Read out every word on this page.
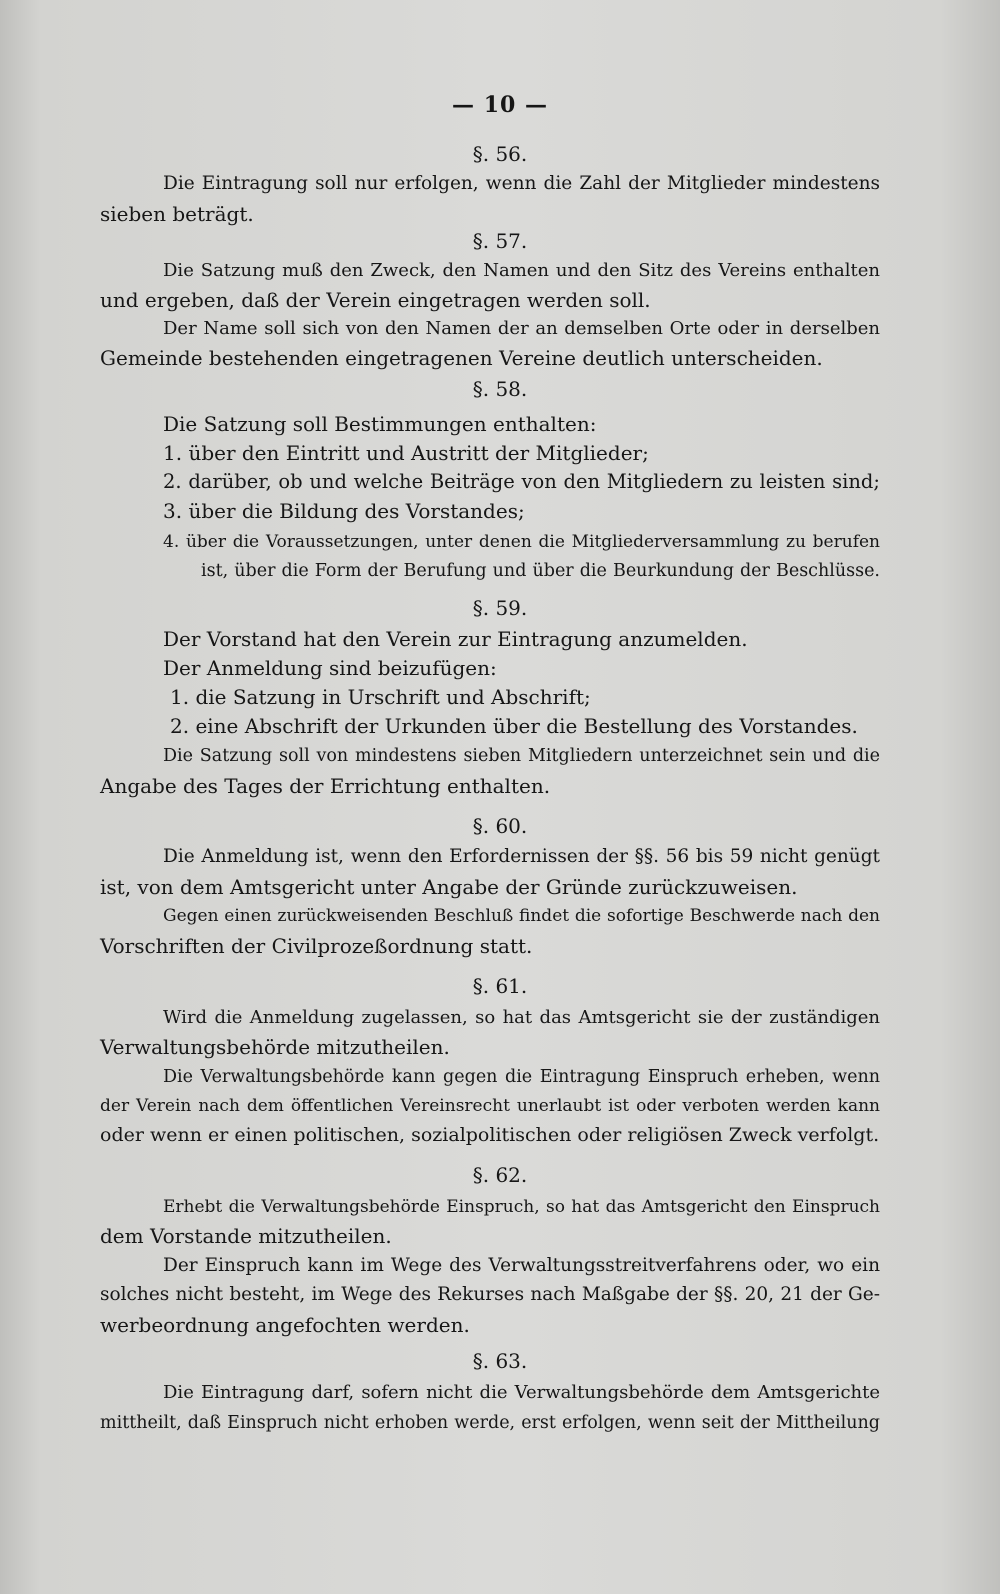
— 10 —
§. 56.
Die Eintragung soll nur erfolgen, wenn die Zahl der Mitglieder mindestens
sieben beträgt.
§. 57.
Die Satzung muß den Zweck, den Namen und den Sitz des Vereins enthalten
und ergeben, daß der Verein eingetragen werden soll.
Der Name soll sich von den Namen der an demselben Orte oder in derselben
Gemeinde bestehenden eingetragenen Vereine deutlich unterscheiden.
§. 58.
Die Satzung soll Bestimmungen enthalten:
1. über den Eintritt und Austritt der Mitglieder;
2. darüber, ob und welche Beiträge von den Mitgliedern zu leisten sind;
3. über die Bildung des Vorstandes;
4. über die Voraussetzungen, unter denen die Mitgliederversammlung zu berufen
ist, über die Form der Berufung und über die Beurkundung der Beschlüsse.
§. 59.
Der Vorstand hat den Verein zur Eintragung anzumelden.
Der Anmeldung sind beizufügen:
1. die Satzung in Urschrift und Abschrift;
2. eine Abschrift der Urkunden über die Bestellung des Vorstandes.
Die Satzung soll von mindestens sieben Mitgliedern unterzeichnet sein und die
Angabe des Tages der Errichtung enthalten.
§. 60.
Die Anmeldung ist, wenn den Erfordernissen der §§. 56 bis 59 nicht genügt
ist, von dem Amtsgericht unter Angabe der Gründe zurückzuweisen.
Gegen einen zurückweisenden Beschluß findet die sofortige Beschwerde nach den
Vorschriften der Civilprozeßordnung statt.
§. 61.
Wird die Anmeldung zugelassen, so hat das Amtsgericht sie der zuständigen
Verwaltungsbehörde mitzutheilen.
Die Verwaltungsbehörde kann gegen die Eintragung Einspruch erheben, wenn
der Verein nach dem öffentlichen Vereinsrecht unerlaubt ist oder verboten werden kann
oder wenn er einen politischen, sozialpolitischen oder religiösen Zweck verfolgt.
§. 62.
Erhebt die Verwaltungsbehörde Einspruch, so hat das Amtsgericht den Einspruch
dem Vorstande mitzutheilen.
Der Einspruch kann im Wege des Verwaltungsstreitverfahrens oder, wo ein
solches nicht besteht, im Wege des Rekurses nach Maßgabe der §§. 20, 21 der Ge-
werbeordnung angefochten werden.
§. 63.
Die Eintragung darf, sofern nicht die Verwaltungsbehörde dem Amtsgerichte
mittheilt, daß Einspruch nicht erhoben werde, erst erfolgen, wenn seit der Mittheilung
